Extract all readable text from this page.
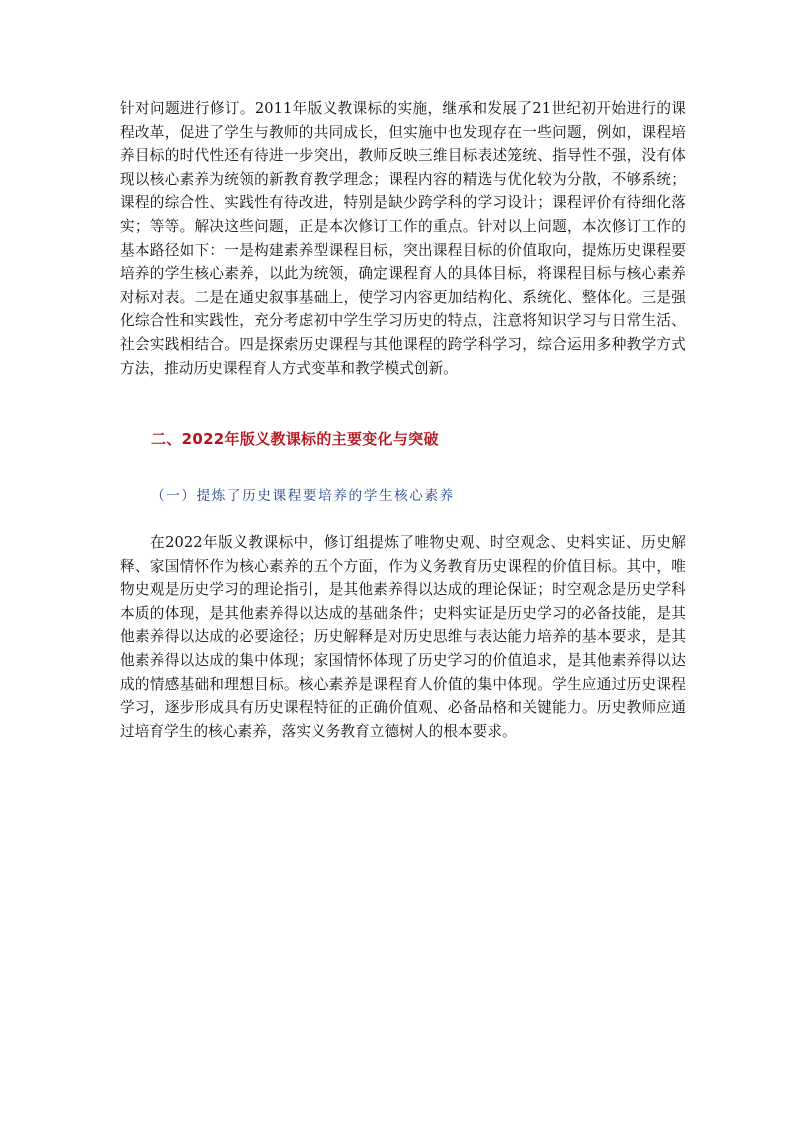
针对问题进行修订。2011年版义教课标的实施，继承和发展了21世纪初开始进行的课程改革，促进了学生与教师的共同成长，但实施中也发现存在一些问题，例如，课程培养目标的时代性还有待进一步突出，教师反映三维目标表述笼统、指导性不强，没有体现以核心素养为统领的新教育教学理念；课程内容的精选与优化较为分散，不够系统；课程的综合性、实践性有待改进，特别是缺少跨学科的学习设计；课程评价有待细化落实；等等。解决这些问题，正是本次修订工作的重点。针对以上问题，本次修订工作的基本路径如下：一是构建素养型课程目标，突出课程目标的价值取向，提炼历史课程要培养的学生核心素养，以此为统领，确定课程育人的具体目标，将课程目标与核心素养对标对表。二是在通史叙事基础上，使学习内容更加结构化、系统化、整体化。三是强化综合性和实践性，充分考虑初中学生学习历史的特点，注意将知识学习与日常生活、社会实践相结合。四是探索历史课程与其他课程的跨学科学习，综合运用多种教学方式方法，推动历史课程育人方式变革和教学模式创新。

二、2022年版义教课标的主要变化与突破
（一）提炼了历史课程要培养的学生核心素养

在2022年版义教课标中，修订组提炼了唯物史观、时空观念、史料实证、历史解释、家国情怀作为核心素养的五个方面，作为义务教育历史课程的价值目标。其中，唯物史观是历史学习的理论指引，是其他素养得以达成的理论保证；时空观念是历史学科本质的体现，是其他素养得以达成的基础条件；史料实证是历史学习的必备技能，是其他素养得以达成的必要途径；历史解释是对历史思维与表达能力培养的基本要求，是其他素养得以达成的集中体现；家国情怀体现了历史学习的价值追求，是其他素养得以达成的情感基础和理想目标。核心素养是课程育人价值的集中体现。学生应通过历史课程学习，逐步形成具有历史课程特征的正确价值观、必备品格和关键能力。历史教师应通过培育学生的核心素养，落实义务教育立德树人的根本要求。
